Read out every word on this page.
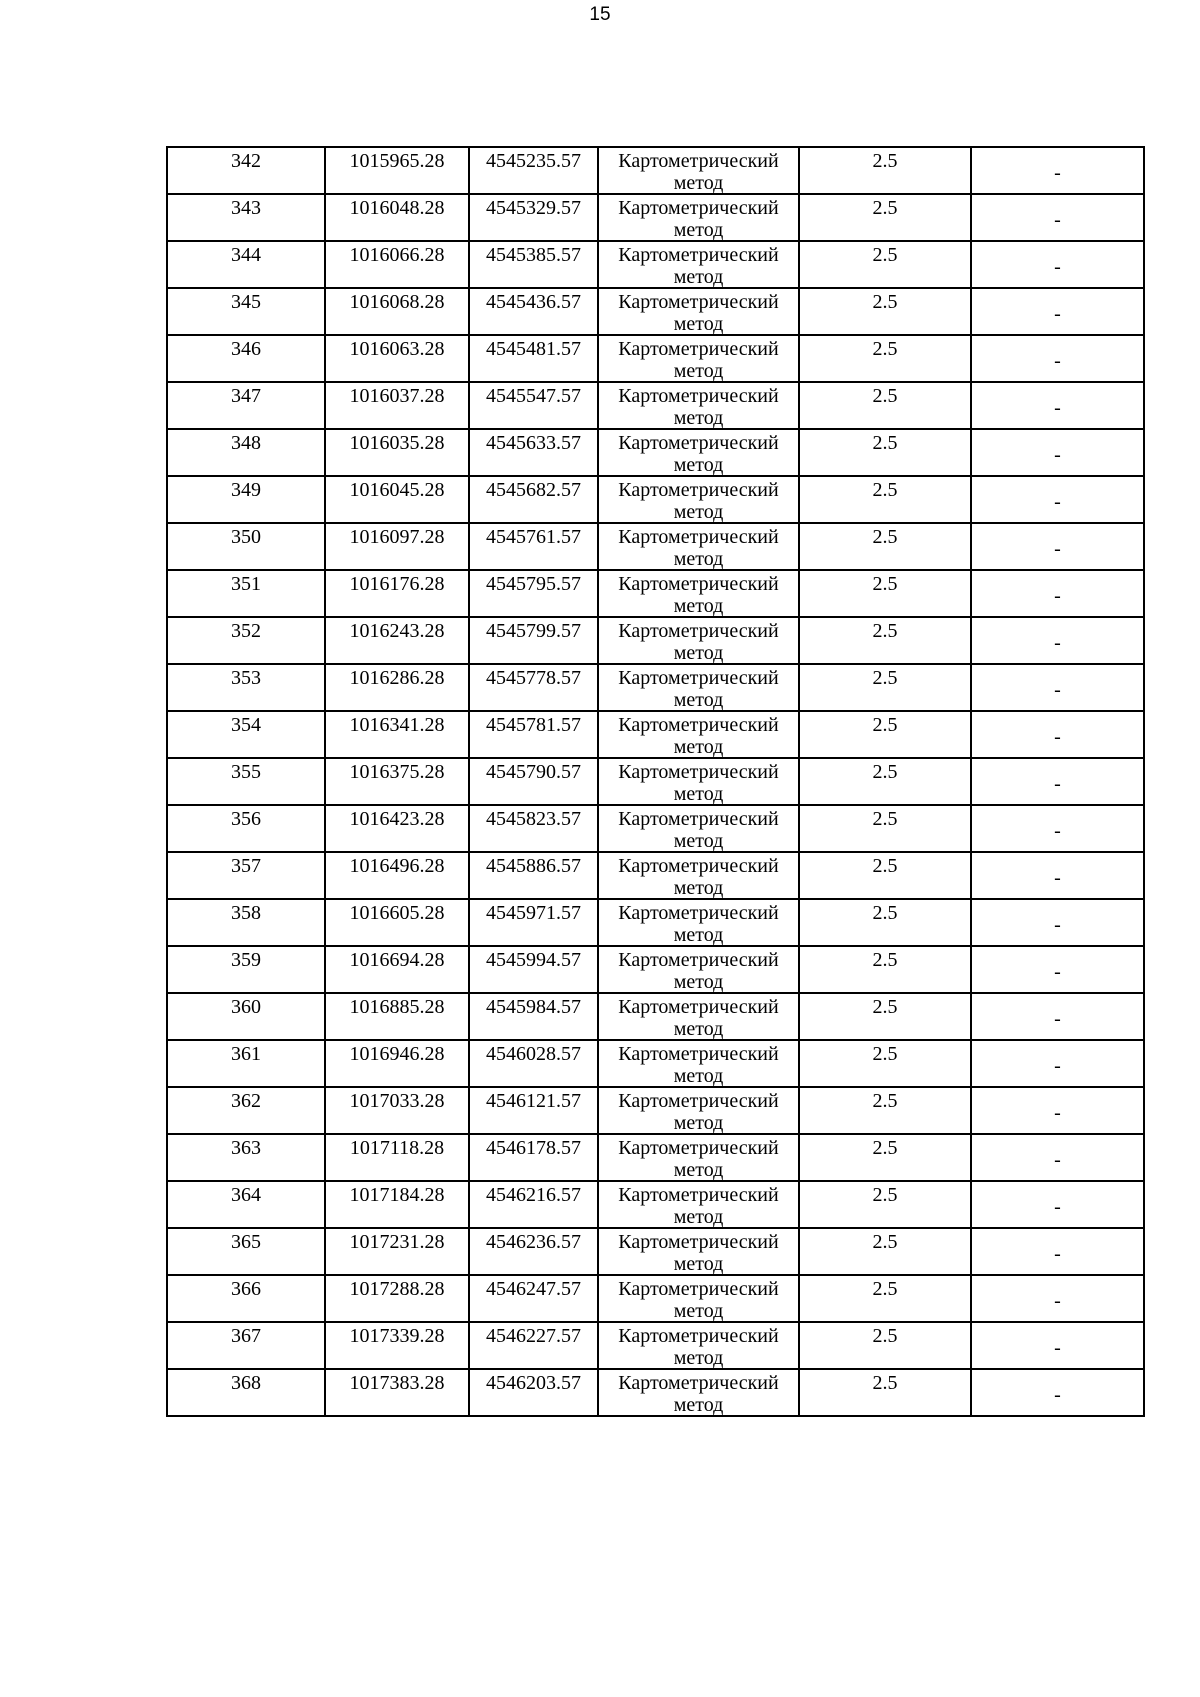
15
342	1015965.28	4545235.57	Картометрический
метод	2.5	-
343	1016048.28	4545329.57	Картометрический
метод	2.5	-
344	1016066.28	4545385.57	Картометрический
метод	2.5	-
345	1016068.28	4545436.57	Картометрический
метод	2.5	-
346	1016063.28	4545481.57	Картометрический
метод	2.5	-
347	1016037.28	4545547.57	Картометрический
метод	2.5	-
348	1016035.28	4545633.57	Картометрический
метод	2.5	-
349	1016045.28	4545682.57	Картометрический
метод	2.5	-
350	1016097.28	4545761.57	Картометрический
метод	2.5	-
351	1016176.28	4545795.57	Картометрический
метод	2.5	-
352	1016243.28	4545799.57	Картометрический
метод	2.5	-
353	1016286.28	4545778.57	Картометрический
метод	2.5	-
354	1016341.28	4545781.57	Картометрический
метод	2.5	-
355	1016375.28	4545790.57	Картометрический
метод	2.5	-
356	1016423.28	4545823.57	Картометрический
метод	2.5	-
357	1016496.28	4545886.57	Картометрический
метод	2.5	-
358	1016605.28	4545971.57	Картометрический
метод	2.5	-
359	1016694.28	4545994.57	Картометрический
метод	2.5	-
360	1016885.28	4545984.57	Картометрический
метод	2.5	-
361	1016946.28	4546028.57	Картометрический
метод	2.5	-
362	1017033.28	4546121.57	Картометрический
метод	2.5	-
363	1017118.28	4546178.57	Картометрический
метод	2.5	-
364	1017184.28	4546216.57	Картометрический
метод	2.5	-
365	1017231.28	4546236.57	Картометрический
метод	2.5	-
366	1017288.28	4546247.57	Картометрический
метод	2.5	-
367	1017339.28	4546227.57	Картометрический
метод	2.5	-
368	1017383.28	4546203.57	Картометрический
метод	2.5	-
